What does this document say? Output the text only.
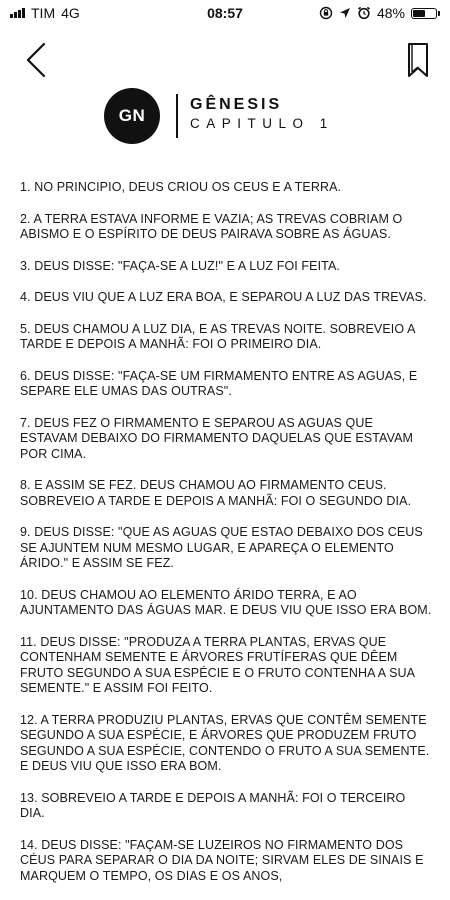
TIM 4G	08:57	48%
GN
GÊNESIS
CAPITULO 1

1. NO PRINCIPIO, DEUS CRIOU OS CEUS E A TERRA.

2. A TERRA ESTAVA INFORME E VAZIA; AS TREVAS COBRIAM O ABISMO E O ESPÍRITO DE DEUS PAIRAVA SOBRE AS ÁGUAS.

3. DEUS DISSE: "FAÇA-SE A LUZ!" E A LUZ FOI FEITA.

4. DEUS VIU QUE A LUZ ERA BOA, E SEPAROU A LUZ DAS TREVAS.

5. DEUS CHAMOU A LUZ DIA, E AS TREVAS NOITE. SOBREVEIO A TARDE E DEPOIS A MANHÃ: FOI O PRIMEIRO DIA.

6. DEUS DISSE: "FAÇA-SE UM FIRMAMENTO ENTRE AS AGUAS, E SEPARE ELE UMAS DAS OUTRAS".

7. DEUS FEZ O FIRMAMENTO E SEPAROU AS AGUAS QUE ESTAVAM DEBAIXO DO FIRMAMENTO DAQUELAS QUE ESTAVAM POR CIMA.

8. E ASSIM SE FEZ. DEUS CHAMOU AO FIRMAMENTO CEUS. SOBREVEIO A TARDE E DEPOIS A MANHÃ: FOI O SEGUNDO DIA.

9. DEUS DISSE: "QUE AS AGUAS QUE ESTAO DEBAIXO DOS CEUS SE AJUNTEM NUM MESMO LUGAR, E APAREÇA O ELEMENTO ÁRIDO." E ASSIM SE FEZ.

10. DEUS CHAMOU AO ELEMENTO ÁRIDO TERRA, E AO AJUNTAMENTO DAS ÁGUAS MAR. E DEUS VIU QUE ISSO ERA BOM.

11. DEUS DISSE: "PRODUZA A TERRA PLANTAS, ERVAS QUE CONTENHAM SEMENTE E ÁRVORES FRUTÍFERAS QUE DÊEM FRUTO SEGUNDO A SUA ESPÉCIE E O FRUTO CONTENHA A SUA SEMENTE." E ASSIM FOI FEITO.

12. A TERRA PRODUZIU PLANTAS, ERVAS QUE CONTÊM SEMENTE SEGUNDO A SUA ESPÉCIE, E ÁRVORES QUE PRODUZEM FRUTO SEGUNDO A SUA ESPÉCIE, CONTENDO O FRUTO A SUA SEMENTE. E DEUS VIU QUE ISSO ERA BOM.

13. SOBREVEIO A TARDE E DEPOIS A MANHÃ: FOI O TERCEIRO DIA.

14. DEUS DISSE: "FAÇAM-SE LUZEIROS NO FIRMAMENTO DOS CÉUS PARA SEPARAR O DIA DA NOITE; SIRVAM ELES DE SINAIS E MARQUEM O TEMPO, OS DIAS E OS ANOS,
